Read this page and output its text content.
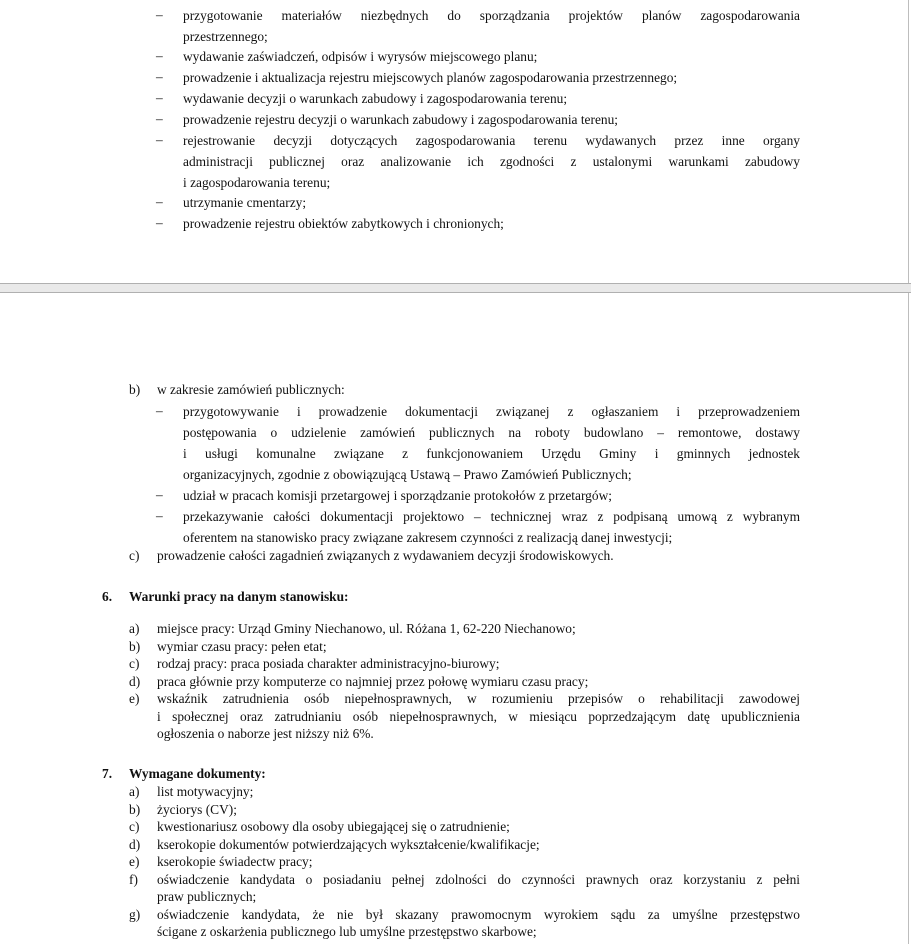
– przygotowanie materiałów niezbędnych do sporządzania projektów planów zagospodarowania
przestrzennego;
– wydawanie zaświadczeń, odpisów i wyrysów miejscowego planu;
– prowadzenie i aktualizacja rejestru miejscowych planów zagospodarowania przestrzennego;
– wydawanie decyzji o warunkach zabudowy i zagospodarowania terenu;
– prowadzenie rejestru decyzji o warunkach zabudowy i zagospodarowania terenu;
– rejestrowanie decyzji dotyczących zagospodarowania terenu wydawanych przez inne organy
administracji publicznej oraz analizowanie ich zgodności z ustalonymi warunkami zabudowy
i zagospodarowania terenu;
– utrzymanie cmentarzy;
– prowadzenie rejestru obiektów zabytkowych i chronionych;
b) w zakresie zamówień publicznych:
– przygotowywanie i prowadzenie dokumentacji związanej z ogłaszaniem i przeprowadzeniem
postępowania o udzielenie zamówień publicznych na roboty budowlano – remontowe, dostawy
i usługi komunalne związane z funkcjonowaniem Urzędu Gminy i gminnych jednostek
organizacyjnych, zgodnie z obowiązującą Ustawą – Prawo Zamówień Publicznych;
– udział w pracach komisji przetargowej i sporządzanie protokołów z przetargów;
– przekazywanie całości dokumentacji projektowo – technicznej wraz z podpisaną umową z wybranym
oferentem na stanowisko pracy związane zakresem czynności z realizacją danej inwestycji;
c) prowadzenie całości zagadnień związanych z wydawaniem decyzji środowiskowych.
6. Warunki pracy na danym stanowisku:
a) miejsce pracy: Urząd Gminy Niechanowo, ul. Różana 1, 62-220 Niechanowo;
b) wymiar czasu pracy: pełen etat;
c) rodzaj pracy: praca posiada charakter administracyjno-biurowy;
d) praca głównie przy komputerze co najmniej przez połowę wymiaru czasu pracy;
e) wskaźnik zatrudnienia osób niepełnosprawnych, w rozumieniu przepisów o rehabilitacji zawodowej
i społecznej oraz zatrudnianiu osób niepełnosprawnych, w miesiącu poprzedzającym datę upublicznienia
ogłoszenia o naborze jest niższy niż 6%.
7. Wymagane dokumenty:
a) list motywacyjny;
b) życiorys (CV);
c) kwestionariusz osobowy dla osoby ubiegającej się o zatrudnienie;
d) kserokopie dokumentów potwierdzających wykształcenie/kwalifikacje;
e) kserokopie świadectw pracy;
f) oświadczenie kandydata o posiadaniu pełnej zdolności do czynności prawnych oraz korzystaniu z pełni
praw publicznych;
g) oświadczenie kandydata, że nie był skazany prawomocnym wyrokiem sądu za umyślne przestępstwo
ścigane z oskarżenia publicznego lub umyślne przestępstwo skarbowe;
